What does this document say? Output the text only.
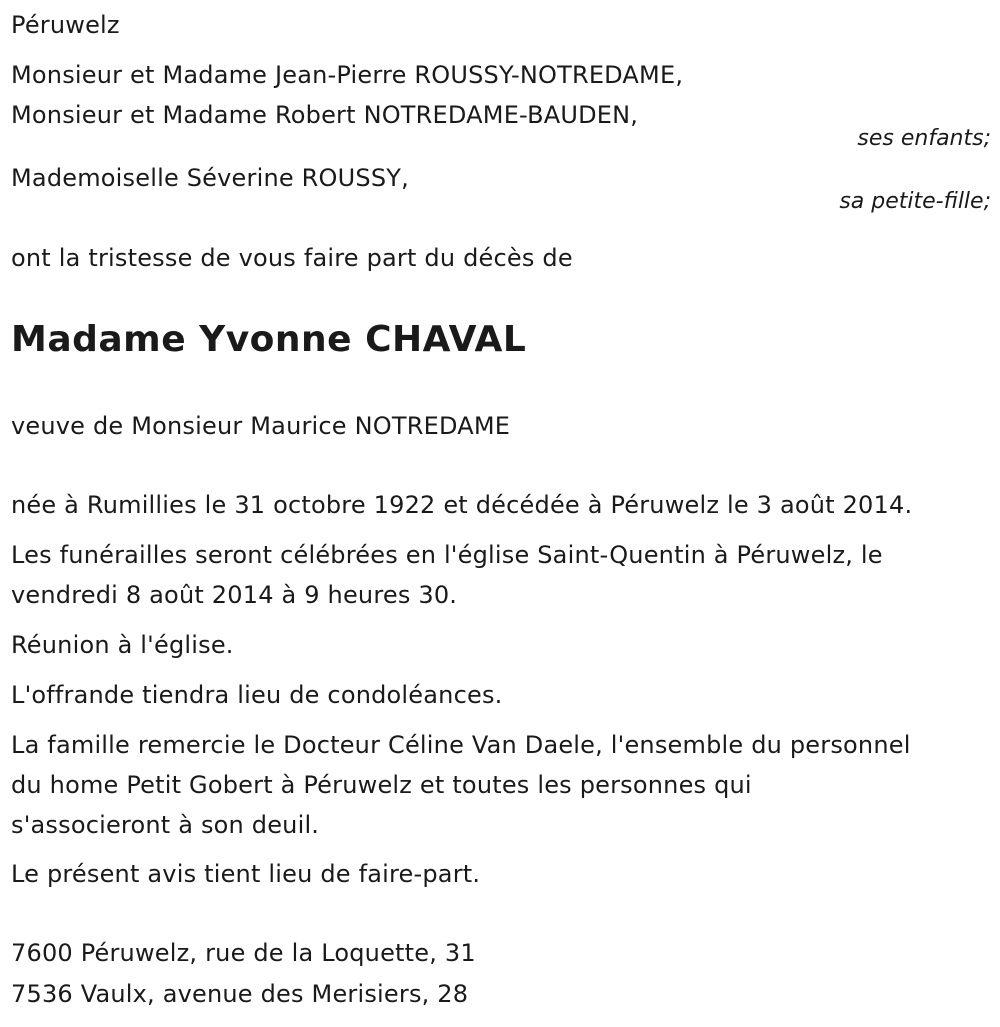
Péruwelz
Monsieur et Madame Jean-Pierre ROUSSY-NOTREDAME,
Monsieur et Madame Robert NOTREDAME-BAUDEN,
ses enfants;
Mademoiselle Séverine ROUSSY,
sa petite-fille;
ont la tristesse de vous faire part du décès de
Madame Yvonne CHAVAL
veuve de Monsieur Maurice NOTREDAME
née à Rumillies le 31 octobre 1922 et décédée à Péruwelz le 3 août 2014.
Les funérailles seront célébrées en l'église Saint-Quentin à Péruwelz, le
vendredi 8 août 2014 à 9 heures 30.
Réunion à l'église.
L'offrande tiendra lieu de condoléances.
La famille remercie le Docteur Céline Van Daele, l'ensemble du personnel
du home Petit Gobert à Péruwelz et toutes les personnes qui
s'associeront à son deuil.
Le présent avis tient lieu de faire-part.
7600 Péruwelz, rue de la Loquette, 31
7536 Vaulx, avenue des Merisiers, 28
